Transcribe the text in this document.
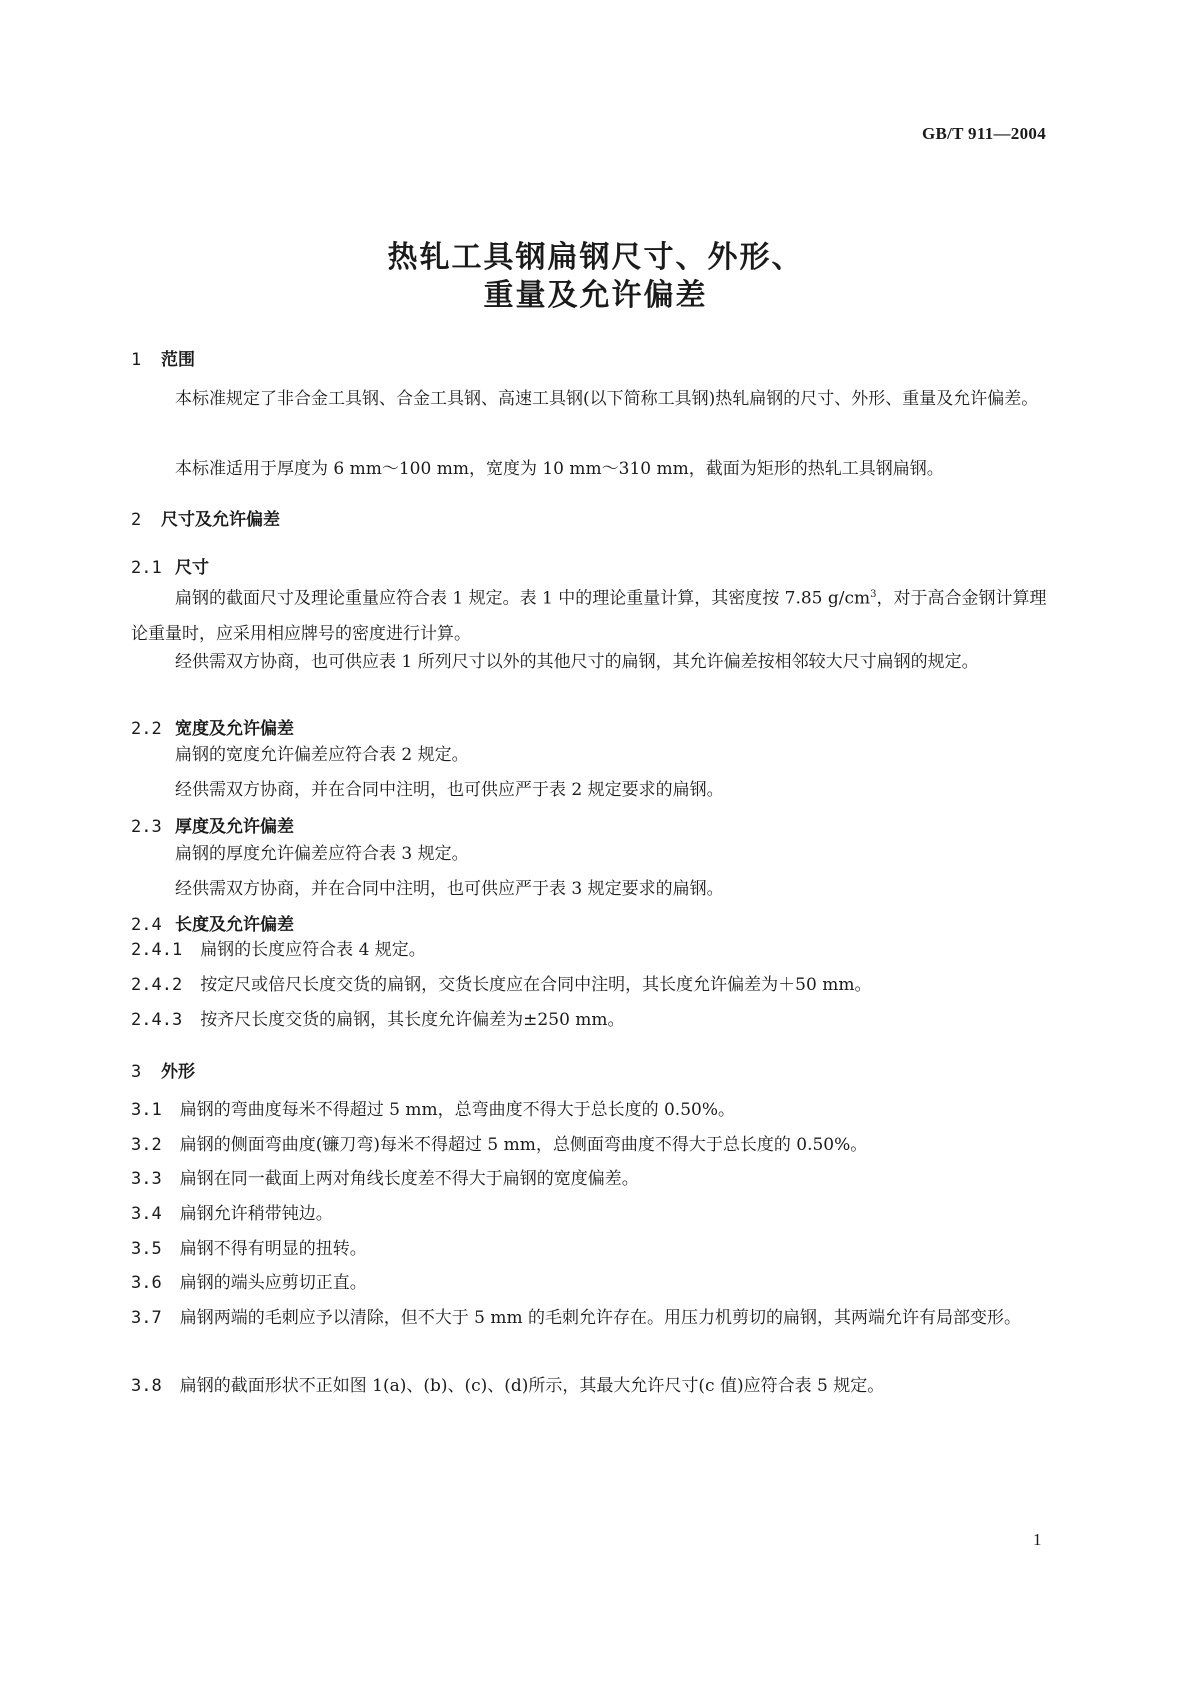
GB/T 911—2004
热轧工具钢扁钢尺寸、外形、
重量及允许偏差
1 范围
本标准规定了非合金工具钢、合金工具钢、高速工具钢(以下简称工具钢)热轧扁钢的尺寸、外形、重量及允许偏差。
本标准适用于厚度为 6 mm～100 mm，宽度为 10 mm～310 mm，截面为矩形的热轧工具钢扁钢。
2 尺寸及允许偏差
2.1 尺寸
扁钢的截面尺寸及理论重量应符合表 1 规定。表 1 中的理论重量计算，其密度按 7.85 $g/cm^3$，对于高合金钢计算理论重量时，应采用相应牌号的密度进行计算。
经供需双方协商，也可供应表 1 所列尺寸以外的其他尺寸的扁钢，其允许偏差按相邻较大尺寸扁钢的规定。
2.2 宽度及允许偏差
扁钢的宽度允许偏差应符合表 2 规定。
经供需双方协商，并在合同中注明，也可供应严于表 2 规定要求的扁钢。
2.3 厚度及允许偏差
扁钢的厚度允许偏差应符合表 3 规定。
经供需双方协商，并在合同中注明，也可供应严于表 3 规定要求的扁钢。
2.4 长度及允许偏差
2.4.1 扁钢的长度应符合表 4 规定。
2.4.2 按定尺或倍尺长度交货的扁钢，交货长度应在合同中注明，其长度允许偏差为＋50 mm。
2.4.3 按齐尺长度交货的扁钢，其长度允许偏差为±250 mm。
3 外形
3.1 扁钢的弯曲度每米不得超过 5 mm，总弯曲度不得大于总长度的 0.50%。
3.2 扁钢的侧面弯曲度(镰刀弯)每米不得超过 5 mm，总侧面弯曲度不得大于总长度的 0.50%。
3.3 扁钢在同一截面上两对角线长度差不得大于扁钢的宽度偏差。
3.4 扁钢允许稍带钝边。
3.5 扁钢不得有明显的扭转。
3.6 扁钢的端头应剪切正直。
3.7 扁钢两端的毛刺应予以清除，但不大于 5 mm 的毛刺允许存在。用压力机剪切的扁钢，其两端允许有局部变形。
3.8 扁钢的截面形状不正如图 1(a)、(b)、(c)、(d)所示，其最大允许尺寸(c 值)应符合表 5 规定。
1
